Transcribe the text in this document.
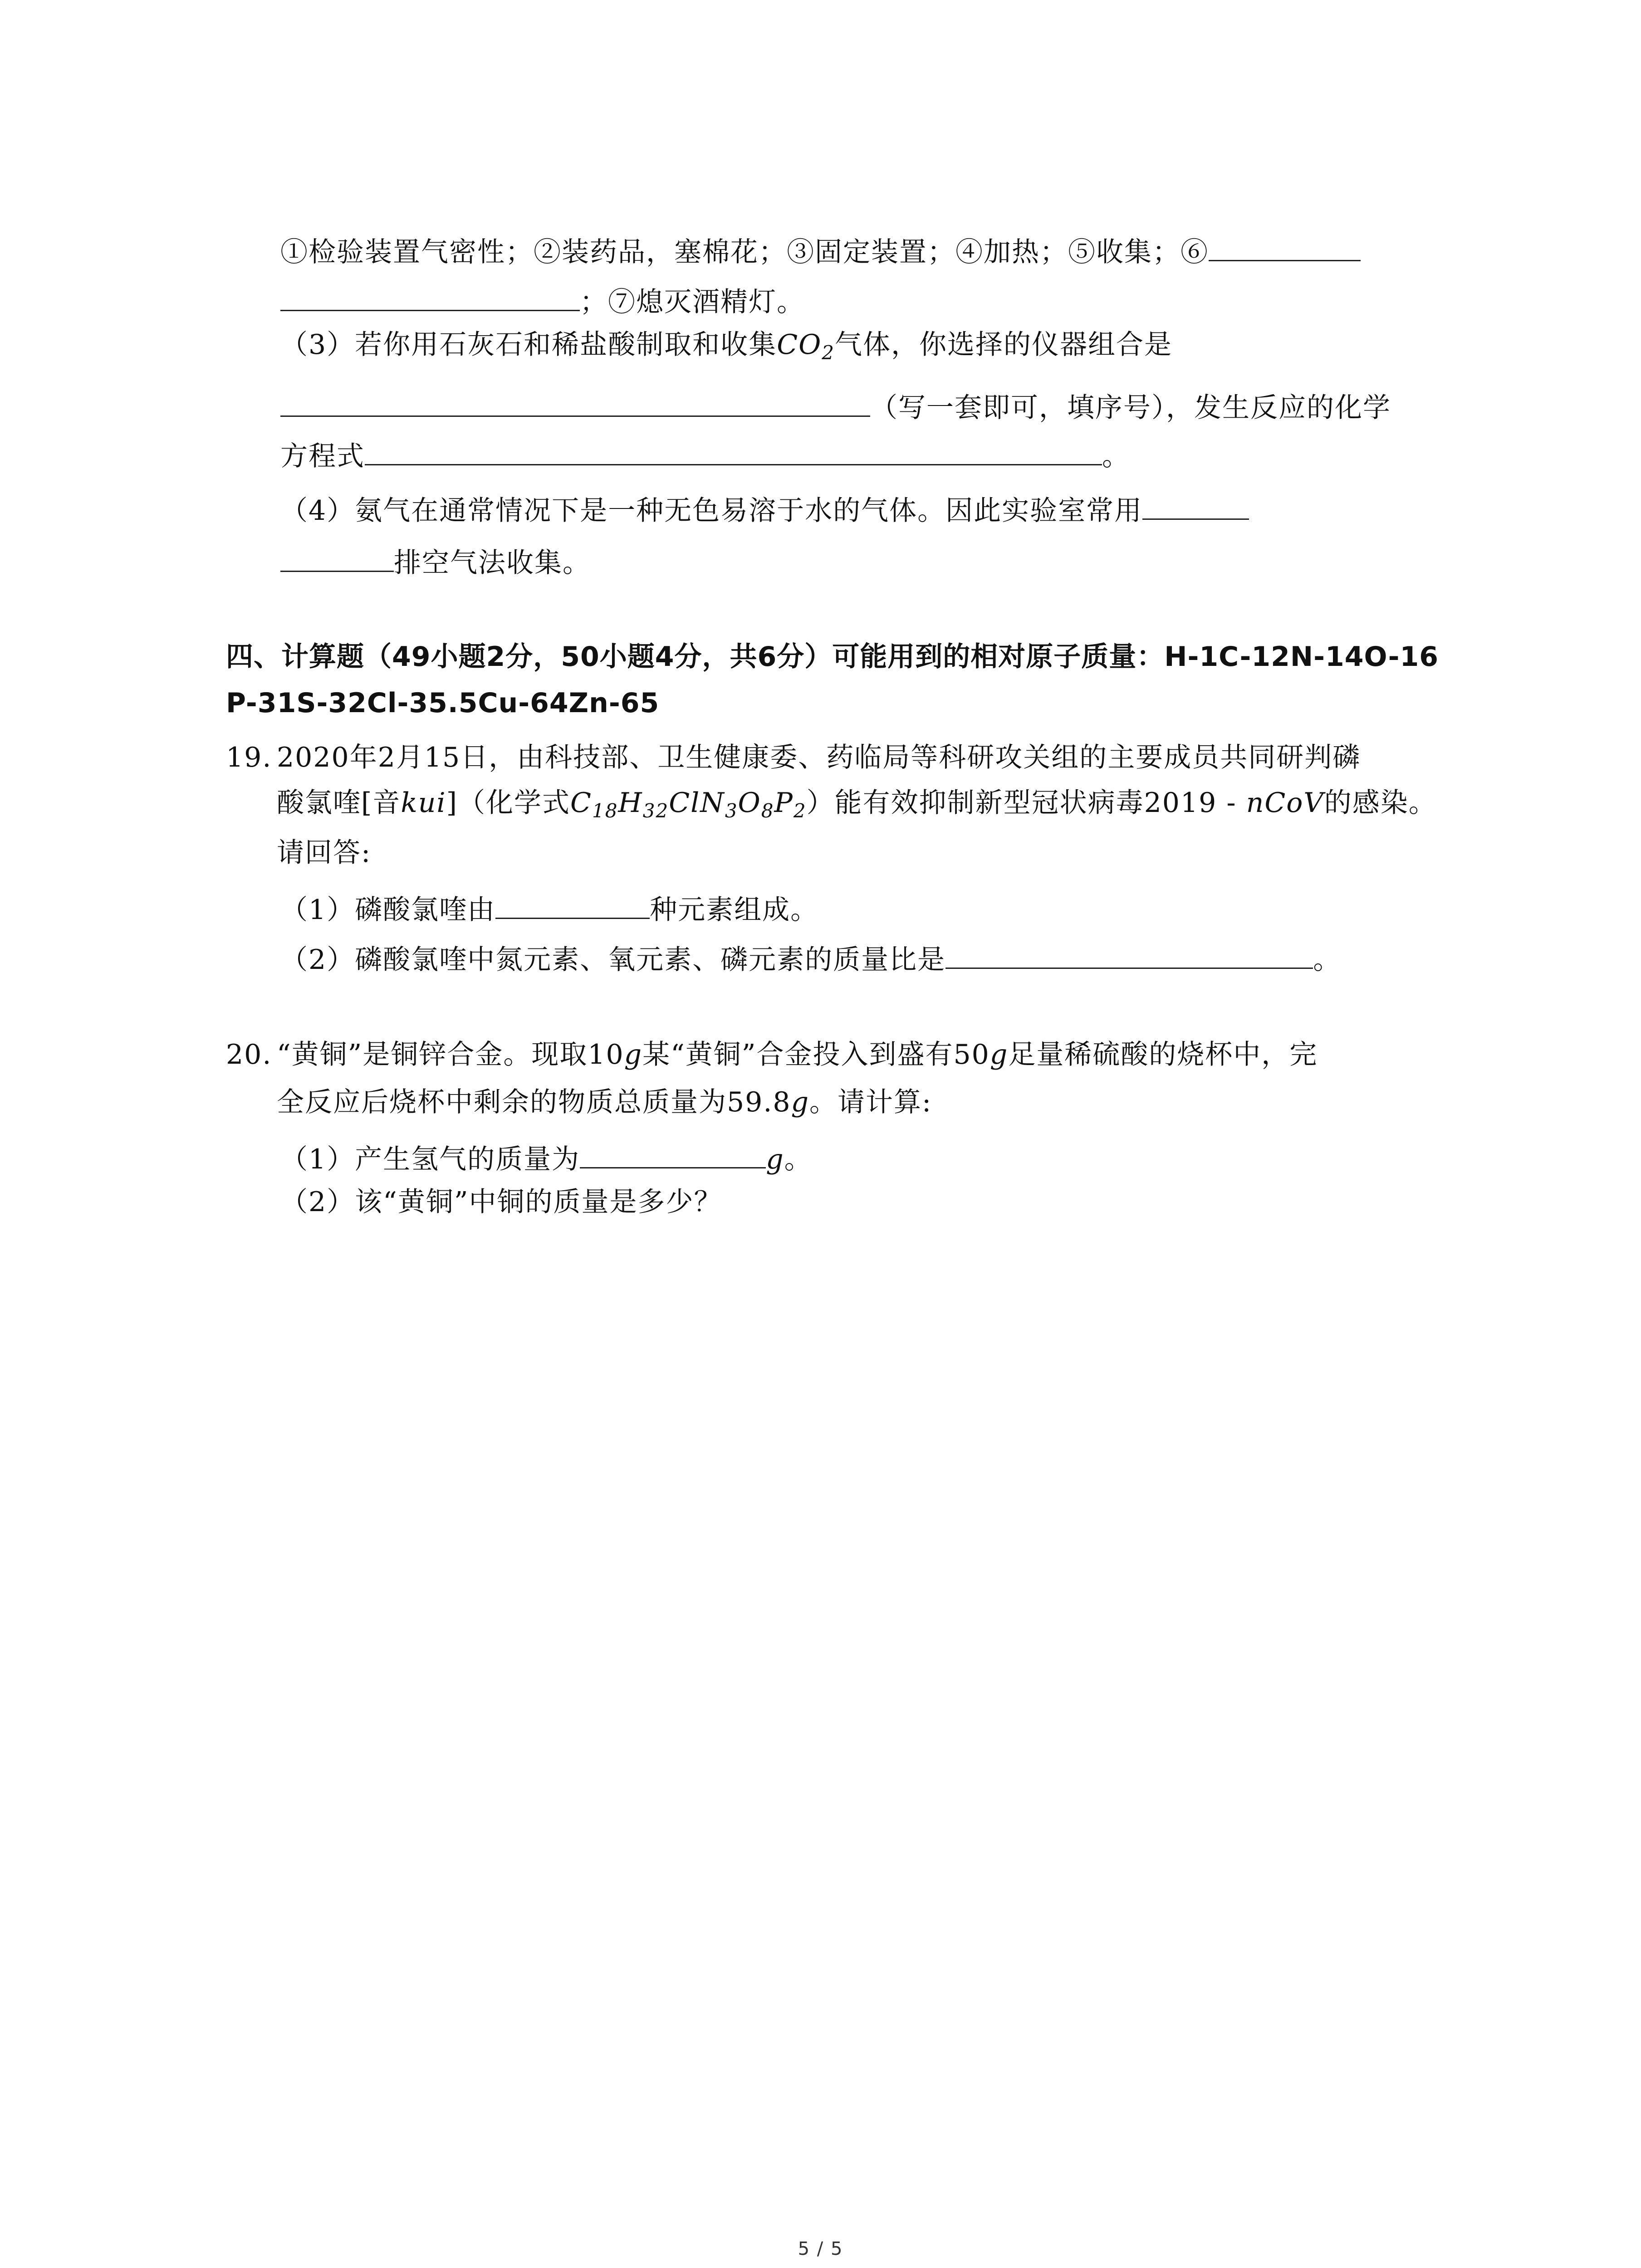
①检验装置气密性；②装药品，塞棉花；③固定装置；④加热；⑤收集；⑥
；⑦熄灭酒精灯。
（3）若你用石灰石和稀盐酸制取和收集$CO_2$气体，你选择的仪器组合是
（写一套即可，填序号），发生反应的化学
方程式	。
（4）氨气在通常情况下是一种无色易溶于水的气体。因此实验室常用
排空气法收集。
四、计算题（49小题2分，50小题4分，共6分）可能用到的相对原子质量：H-1C-12N-14O-16
P-31S-32Cl-35.5Cu-64Zn-65
19. 2020年2月15日，由科技部、卫生健康委、药临局等科研攻关组的主要成员共同研判磷
酸氯喹[音kui]（化学式$C_{18}H_{32}ClN_3O_8P_2$）能有效抑制新型冠状病毒2019 - nCoV的感染。
请回答:
（1）磷酸氯喹由	种元素组成。
（2）磷酸氯喹中氮元素、氧元素、磷元素的质量比是	。
20. “黄铜”是铜锌合金。现取10g某“黄铜”合金投入到盛有50g足量稀硫酸的烧杯中，完
全反应后烧杯中剩余的物质总质量为59.8g。请计算:
（1）产生氢气的质量为	g。
（2）该“黄铜”中铜的质量是多少？
5 / 5
